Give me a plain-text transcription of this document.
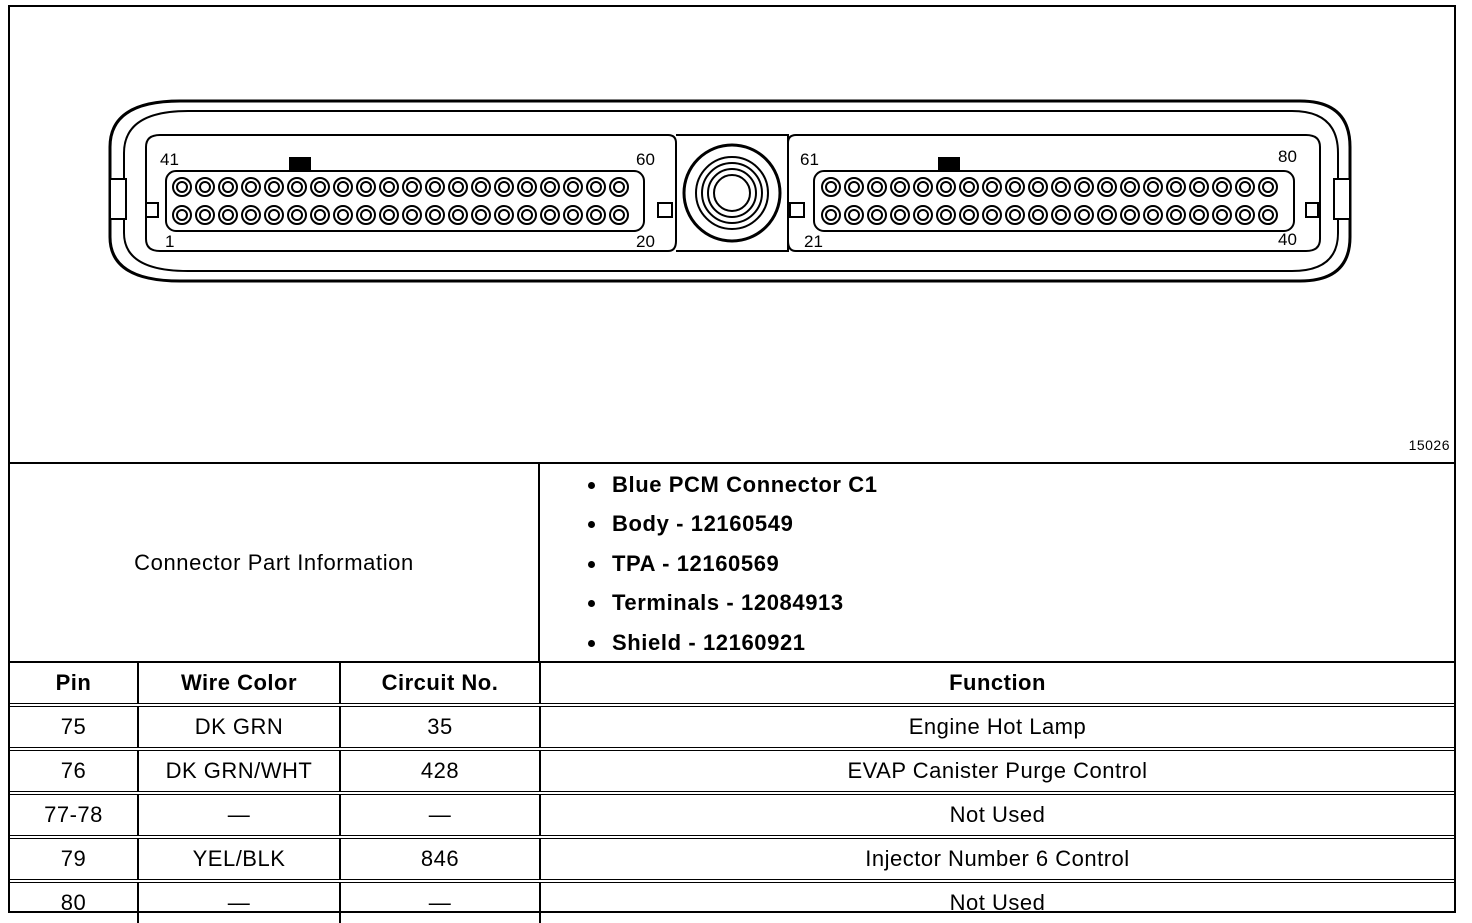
41	60
1	20
61	80
21	40
15026
Connector Part Information
Blue PCM Connector C1
Body - 12160549
TPA - 12160569
Terminals - 12084913
Shield - 12160921
Pin	Wire Color	Circuit No.	Function
75	DK GRN	35	Engine Hot Lamp
76	DK GRN/WHT	428	EVAP Canister Purge Control
77-78	—	—	Not Used
79	YEL/BLK	846	Injector Number 6 Control
80	—	—	Not Used
